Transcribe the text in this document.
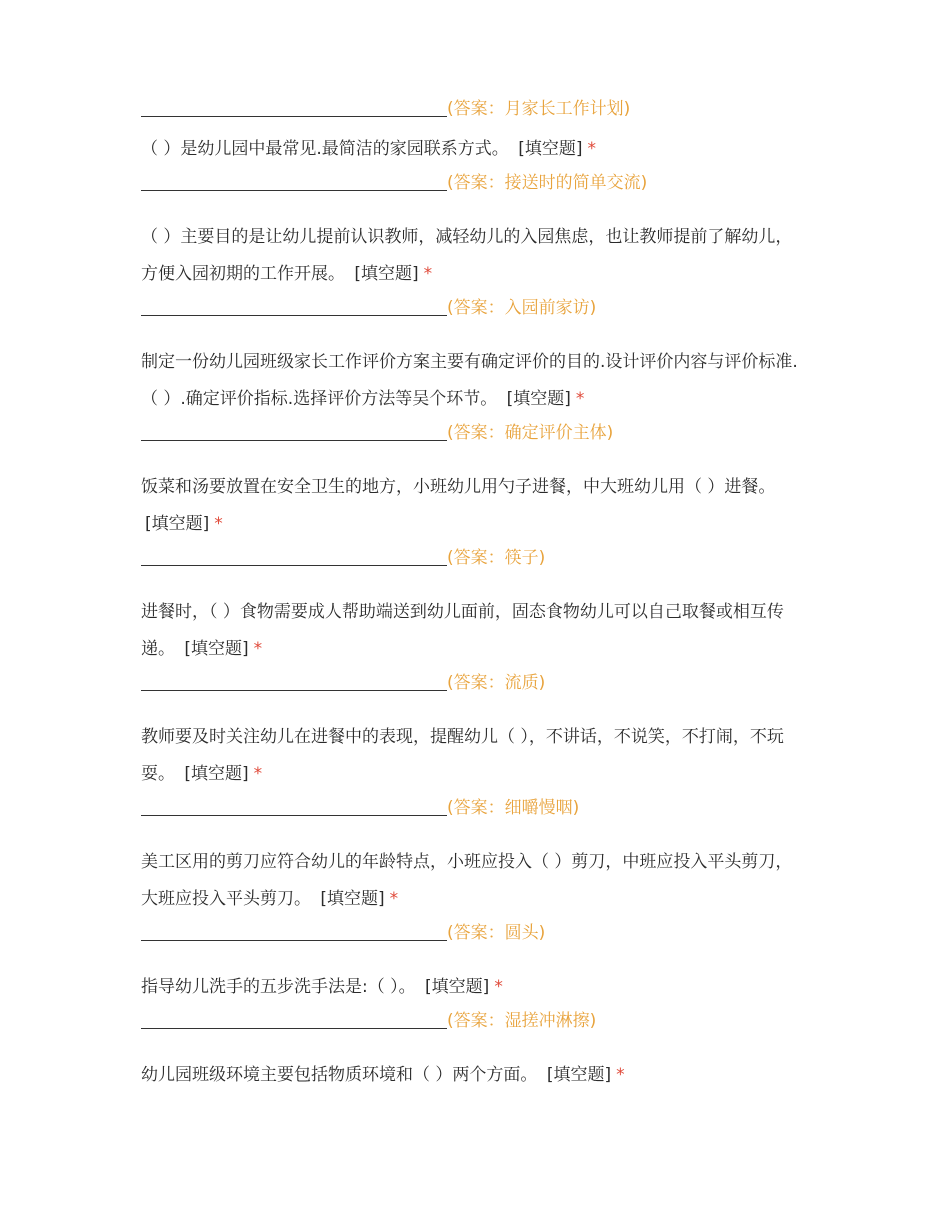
(答案：月家长工作计划)
（ ）是幼儿园中最常见.最简洁的家园联系方式。 [填空题] *
(答案：接送时的简单交流)
（ ）主要目的是让幼儿提前认识教师，减轻幼儿的入园焦虑，也让教师提前了解幼儿，方便入园初期的工作开展。 [填空题] *
(答案：入园前家访)
制定一份幼儿园班级家长工作评价方案主要有确定评价的目的.设计评价内容与评价标准.（ ）.确定评价指标.选择评价方法等吴个环节。 [填空题] *
(答案：确定评价主体)
饭菜和汤要放置在安全卫生的地方，小班幼儿用勺子进餐，中大班幼儿用（ ）进餐。 [填空题] *
(答案：筷子)
进餐时，（ ）食物需要成人帮助端送到幼儿面前，固态食物幼儿可以自己取餐或相互传递。 [填空题] *
(答案：流质)
教师要及时关注幼儿在进餐中的表现，提醒幼儿（ ），不讲话，不说笑，不打闹，不玩耍。 [填空题] *
(答案：细嚼慢咽)
美工区用的剪刀应符合幼儿的年龄特点，小班应投入（ ）剪刀，中班应投入平头剪刀，大班应投入平头剪刀。 [填空题] *
(答案：圆头)
指导幼儿洗手的五步洗手法是:（ ）。 [填空题] *
(答案：湿搓冲淋擦)
幼儿园班级环境主要包括物质环境和（ ）两个方面。 [填空题] *
